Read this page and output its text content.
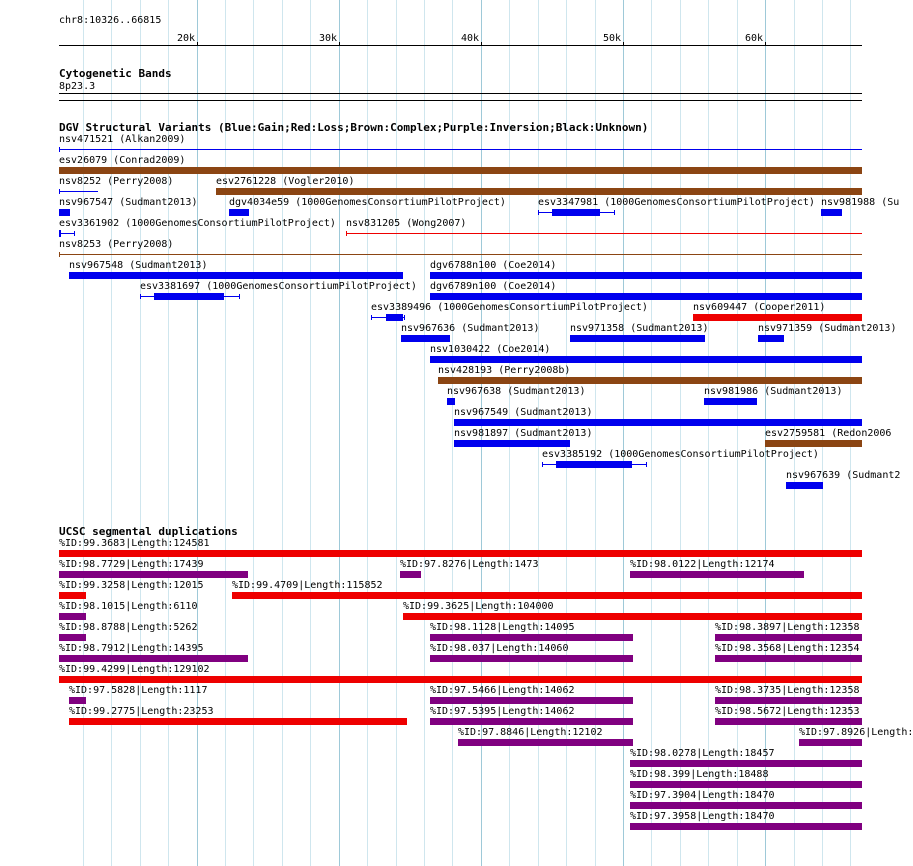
chr8:10326..66815
20k	30k	40k	50k	60k
Cytogenetic Bands
8p23.3
DGV Structural Variants (Blue:Gain;Red:Loss;Brown:Complex;Purple:Inversion;Black:Unknown)
nsv471521 (Alkan2009)
esv26079 (Conrad2009)
nsv8252 (Perry2008)	esv2761228 (Vogler2010)
nsv967547 (Sudmant2013)	dgv4034e59 (1000GenomesConsortiumPilotProject)	esv3347981 (1000GenomesConsortiumPilotProject) nsv981988 (Su
esv3361902 (1000GenomesConsortiumPilotProject) nsv831205 (Wong2007)
nsv8253 (Perry2008)
nsv967548 (Sudmant2013)	dgv6788n100 (Coe2014)
esv3381697 (1000GenomesConsortiumPilotProject) dgv6789n100 (Coe2014)
esv3389496 (1000GenomesConsortiumPilotProject)	nsv609447 (Cooper2011)
nsv967636 (Sudmant2013)	nsv971358 (Sudmant2013)	nsv971359 (Sudmant2013)
nsv1030422 (Coe2014)
nsv428193 (Perry2008b)
nsv967638 (Sudmant2013)	nsv981986 (Sudmant2013)
nsv967549 (Sudmant2013)
nsv981897 (Sudmant2013)	esv2759581 (Redon2006
esv3385192 (1000GenomesConsortiumPilotProject)
nsv967639 (Sudmant2
UCSC segmental duplications
%ID:99.3683|Length:124581
%ID:98.7729|Length:17439	%ID:97.8276|Length:1473	%ID:98.0122|Length:12174
%ID:99.3258|Length:12015	%ID:99.4709|Length:115852
%ID:98.1015|Length:6110	%ID:99.3625|Length:104000
%ID:98.8788|Length:5262	%ID:98.1128|Length:14095	%ID:98.3897|Length:12358
%ID:98.7912|Length:14395	%ID:98.037|Length:14060	%ID:98.3568|Length:12354
%ID:99.4299|Length:129102
%ID:97.5828|Length:1117	%ID:97.5466|Length:14062	%ID:98.3735|Length:12358
%ID:99.2775|Length:23253	%ID:97.5395|Length:14062	%ID:98.5672|Length:12353
%ID:97.8846|Length:12102	%ID:97.8926|Length:
%ID:98.0278|Length:18457
%ID:98.399|Length:18488
%ID:97.3904|Length:18470
%ID:97.3958|Length:18470
